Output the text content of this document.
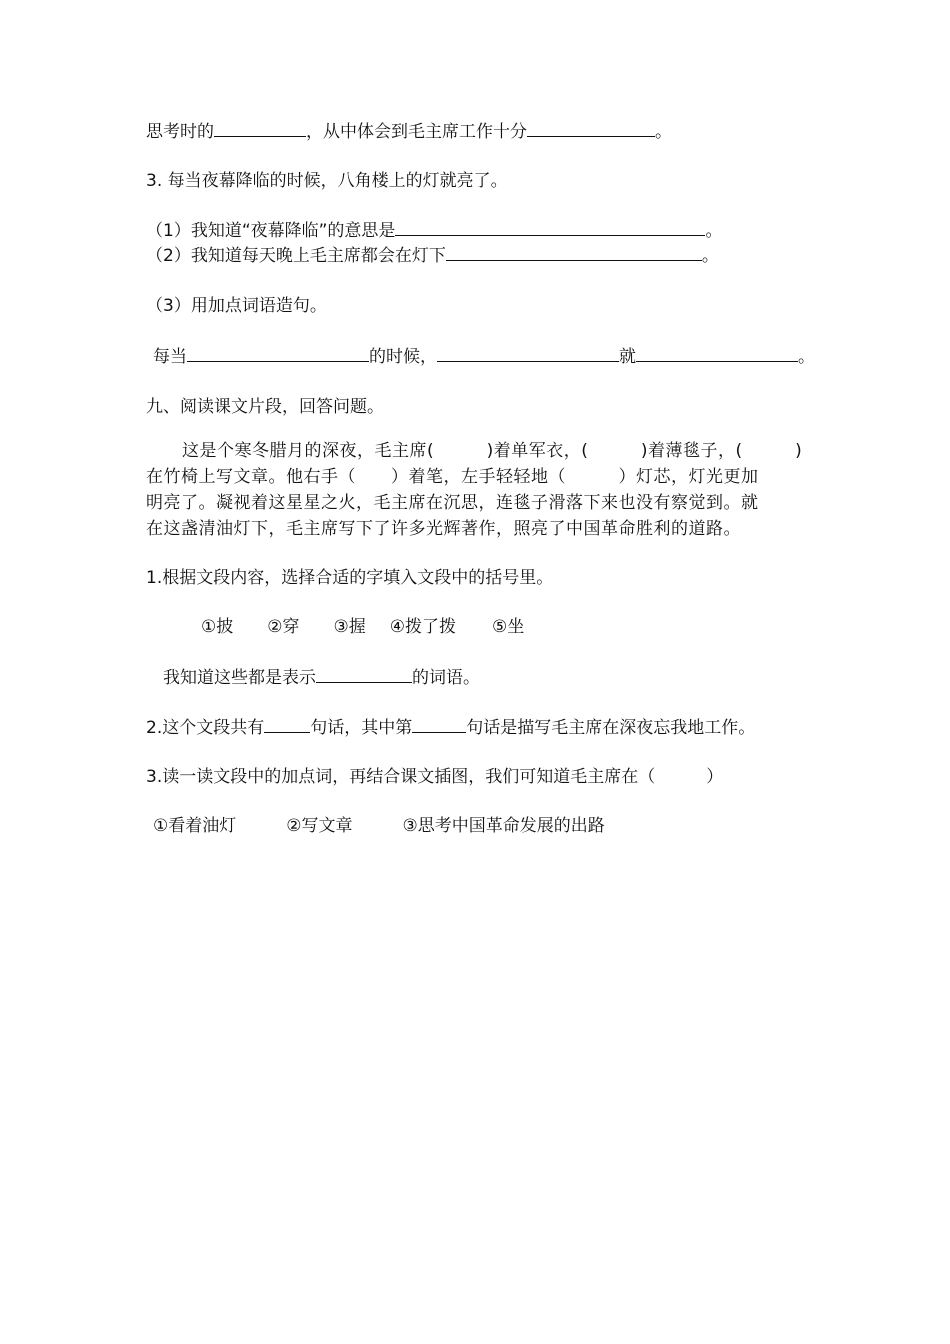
思考时的	，从中体会到毛主席工作十分	。
3. 每当夜幕降临的时候，八角楼上的灯就亮了。
（1）我知道“夜幕降临”的意思是	。
（2）我知道每天晚上毛主席都会在灯下	。
（3）用加点词语造句。
每当	的时候，	就	。
九、阅读课文片段，回答问题。
这是个寒冬腊月的深夜，毛主席(　　　)着单军衣，(　　　)着薄毯子，(　　　)
在竹椅上写文章。他右手（　　）着笔，左手轻轻地（　　　）灯芯，灯光更加
明亮了。凝视着这星星之火，毛主席在沉思，连毯子滑落下来也没有察觉到。就
在这盏清油灯下，毛主席写下了许多光辉著作，照亮了中国革命胜利的道路。
1.根据文段内容，选择合适的字填入文段中的括号里。
①披 ②穿 ③握 ④拨了拨 ⑤坐
我知道这些都是表示	的词语。
2.这个文段共有	句话，其中第	句话是描写毛主席在深夜忘我地工作。
3.读一读文段中的加点词，再结合课文插图，我们可知道毛主席在（　　　）
①看着油灯	②写文章	③思考中国革命发展的出路
